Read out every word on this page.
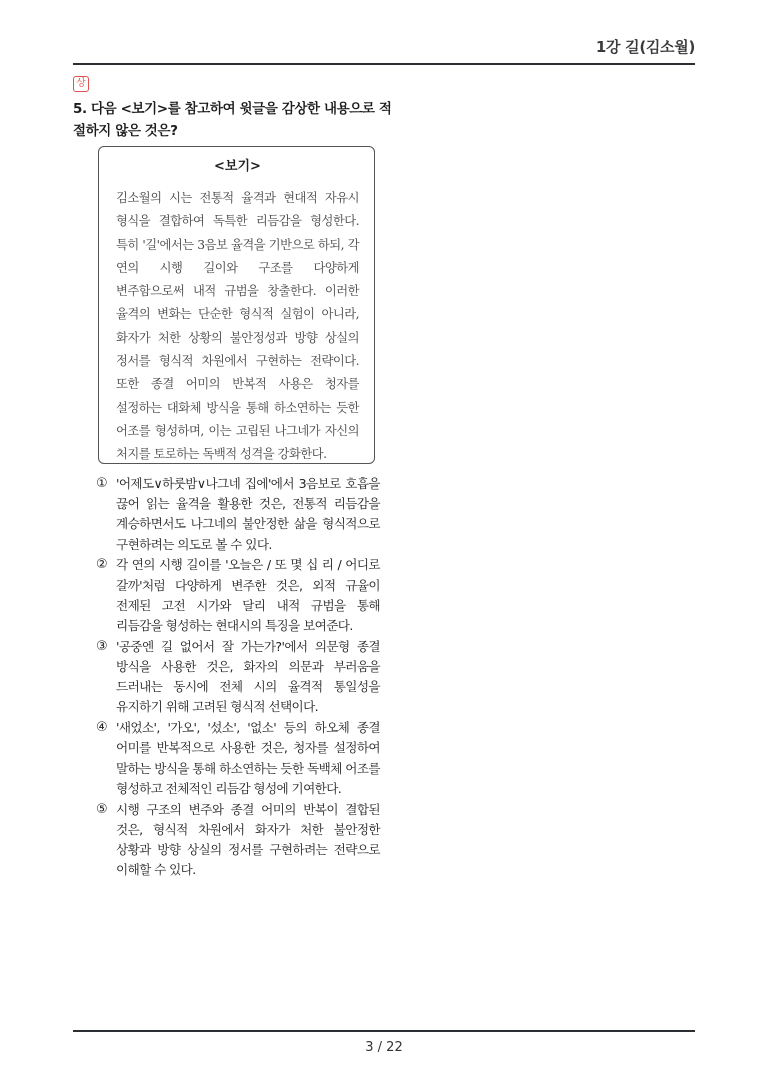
1강 길(김소월)
상
5. 다음 <보기>를 참고하여 윗글을 감상한 내용으로 적절하지 않은 것은?
<보기>
김소월의 시는 전통적 율격과 현대적 자유시 형식을 결합하여 독특한 리듬감을 형성한다. 특히 '길'에서는 3음보 율격을 기반으로 하되, 각 연의 시행 길이와 구조를 다양하게 변주함으로써 내적 규범을 창출한다. 이러한 율격의 변화는 단순한 형식적 실험이 아니라, 화자가 처한 상황의 불안정성과 방향 상실의 정서를 형식적 차원에서 구현하는 전략이다. 또한 종결 어미의 반복적 사용은 청자를 설정하는 대화체 방식을 통해 하소연하는 듯한 어조를 형성하며, 이는 고립된 나그네가 자신의 처지를 토로하는 독백적 성격을 강화한다.
① '어제도∨하룻밤∨나그네 집에'에서 3음보로 호흡을 끊어 읽는 율격을 활용한 것은, 전통적 리듬감을 계승하면서도 나그네의 불안정한 삶을 형식적으로 구현하려는 의도로 볼 수 있다.
② 각 연의 시행 길이를 '오늘은 / 또 몇 십 리 / 어디로 갈까'처럼 다양하게 변주한 것은, 외적 규율이 전제된 고전 시가와 달리 내적 규범을 통해 리듬감을 형성하는 현대시의 특징을 보여준다.
③ '공중엔 길 없어서 잘 가는가?'에서 의문형 종결 방식을 사용한 것은, 화자의 의문과 부러움을 드러내는 동시에 전체 시의 율격적 통일성을 유지하기 위해 고려된 형식적 선택이다.
④ '새었소', '가오', '섰소', '없소' 등의 하오체 종결 어미를 반복적으로 사용한 것은, 청자를 설정하여 말하는 방식을 통해 하소연하는 듯한 독백체 어조를 형성하고 전체적인 리듬감 형성에 기여한다.
⑤ 시행 구조의 변주와 종결 어미의 반복이 결합된 것은, 형식적 차원에서 화자가 처한 불안정한 상황과 방향 상실의 정서를 구현하려는 전략으로 이해할 수 있다.
3 / 22
